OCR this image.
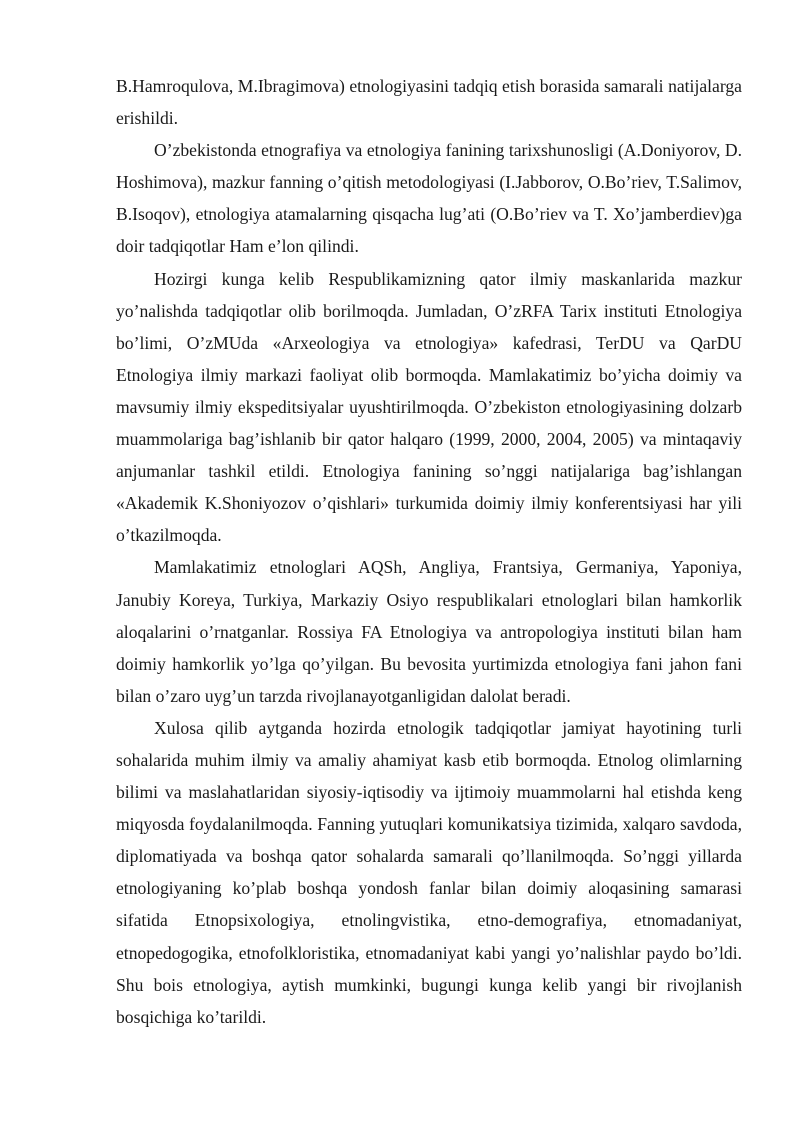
B.Hamroqulova, M.Ibragimova) etnologiyasini tadqiq etish borasida samarali natijalarga erishildi.

O’zbekistonda etnografiya va etnologiya fanining tarixshunosligi (A.Doniyorov, D. Hoshimova), mazkur fanning o’qitish metodologiyasi (I.Jabborov, O.Bo’riev, T.Salimov, B.Isoqov), etnologiya atamalarning qisqacha lug’ati (O.Bo’riev va T. Xo’jamberdiev)ga doir tadqiqotlar Ham e’lon qilindi.

Hozirgi kunga kelib Respublikamizning qator ilmiy maskanlarida mazkur yo’nalishda tadqiqotlar olib borilmoqda. Jumladan, O’zRFA Tarix instituti Etnologiya bo’limi, O’zMUda «Arxeologiya va etnologiya» kafedrasi, TerDU va QarDU Etnologiya ilmiy markazi faoliyat olib bormoqda. Mamlakatimiz bo’yicha doimiy va mavsumiy ilmiy ekspeditsiyalar uyushtirilmoqda. O’zbekiston etnologiyasining dolzarb muammolariga bag’ishlanib bir qator halqaro (1999, 2000, 2004, 2005) va mintaqaviy anjumanlar tashkil etildi. Etnologiya fanining so’nggi natijalariga bag’ishlangan «Akademik K.Shoniyozov o’qishlari» turkumida doimiy ilmiy konferentsiyasi har yili o’tkazilmoqda.

Mamlakatimiz etnologlari AQSh, Angliya, Frantsiya, Germaniya, Yaponiya, Janubiy Koreya, Turkiya, Markaziy Osiyo respublikalari etnologlari bilan hamkorlik aloqalarini o’rnatganlar. Rossiya FA Etnologiya va antropologiya instituti bilan ham doimiy hamkorlik yo’lga qo’yilgan. Bu bevosita yurtimizda etnologiya fani jahon fani bilan o’zaro uyg’un tarzda rivojlanayotganligidan dalolat beradi.

Xulosa qilib aytganda hozirda etnologik tadqiqotlar jamiyat hayotining turli sohalarida muhim ilmiy va amaliy ahamiyat kasb etib bormoqda. Etnolog olimlarning bilimi va maslahatlaridan siyosiy-iqtisodiy va ijtimoiy muammolarni hal etishda keng miqyosda foydalanilmoqda. Fanning yutuqlari komunikatsiya tizimida, xalqaro savdoda, diplomatiyada va boshqa qator sohalarda samarali qo’llanilmoqda. So’nggi yillarda etnologiyaning ko’plab boshqa yondosh fanlar bilan doimiy aloqasining samarasi sifatida Etnopsixologiya, etnolingvistika, etno-demografiya, etnomadaniyat, etnopedogogika, etnofolkloristika, etnomadaniyat kabi yangi yo’nalishlar paydo bo’ldi. Shu bois etnologiya, aytish mumkinki, bugungi kunga kelib yangi bir rivojlanish bosqichiga ko’tarildi.
